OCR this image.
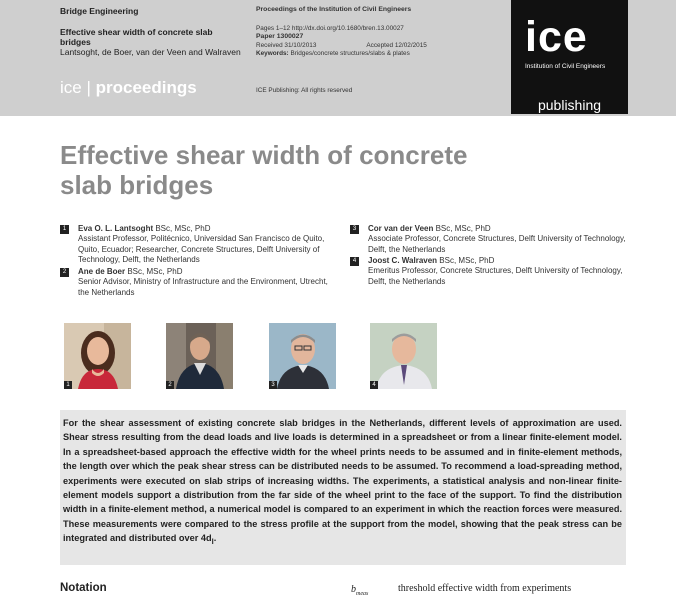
Bridge Engineering
Effective shear width of concrete slab
bridges
Lantsoght, de Boer, van der Veen and Walraven
ice | proceedings
Proceedings of the Institution of Civil Engineers
Pages 1–12 http://dx.doi.org/10.1680/bren.13.00027
Paper 1300027
Received 31/10/2013	Accepted 12/02/2015
Keywords: Bridges/concrete structures/slabs & plates
ICE Publishing: All rights reserved
ice
Institution of Civil Engineers
publishing
Effective shear width of concrete
slab bridges
1	Eva O. L. Lantsoght BSc, MSc, PhD
Assistant Professor, Politécnico, Universidad San Francisco de Quito, Quito, Ecuador; Researcher, Concrete Structures, Delft University of Technology, Delft, the Netherlands
2	Ane de Boer BSc, MSc, PhD
Senior Advisor, Ministry of Infrastructure and the Environment, Utrecht, the Netherlands
3	Cor van der Veen BSc, MSc, PhD
Associate Professor, Concrete Structures, Delft University of Technology, Delft, the Netherlands
4	Joost C. Walraven BSc, MSc, PhD
Emeritus Professor, Concrete Structures, Delft University of Technology, Delft, the Netherlands
1	2	3	4

For the shear assessment of existing concrete slab bridges in the Netherlands, different levels of approximation are used. Shear stress resulting from the dead loads and live loads is determined in a spreadsheet or from a linear finite-element model. In a spreadsheet-based approach the effective width for the wheel prints needs to be assumed and in finite-element methods, the length over which the peak shear stress can be distributed needs to be assumed. To recommend a load-spreading method, experiments were executed on slab strips of increasing widths. The experiments, a statistical analysis and non-linear finite-element models support a distribution from the far side of the wheel print to the face of the support. To find the distribution width in a finite-element method, a numerical model is compared to an experiment in which the reaction forces were measured. These measurements were compared to the stress profile at the support from the model, showing that the peak stress can be integrated and distributed over $4d_l$.

Notation	$b_{meas}$	threshold effective width from experiments
